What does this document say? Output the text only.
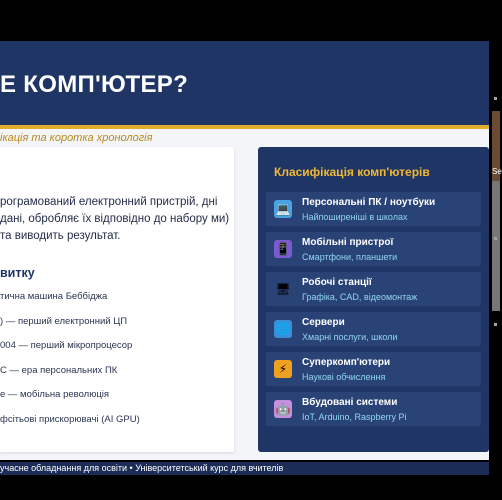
Е КОМП'ЮТЕР?
ікація та коротка хронологія
рограмований електронний пристрій, дні дані, обробляє їх відповідно до набору ми) та виводить результат.
витку
тична машина Беббіджа
) — перший електронний ЦП
004 — перший мікропроцесор
С — ера персональних ПК
е — мобільна революція
фсітьові прискорювачі (AI GPU)
Класифікація комп'ютерів
💻 Персональні ПК / ноутбуки
Найпоширеніші в школах
📱 Мобільні пристрої
Смартфони, планшети
🖥 Робочі станції
Графіка, CAD, відеомонтаж
🌐 Сервери
Хмарні послуги, школи
⚡	Суперкомп'ютери
Наукові обчислення
🤖 Вбудовані системи
IoT, Arduino, Raspberry Pi
учасне обладнання для освіти • Університетський курс для вчителів
Se
